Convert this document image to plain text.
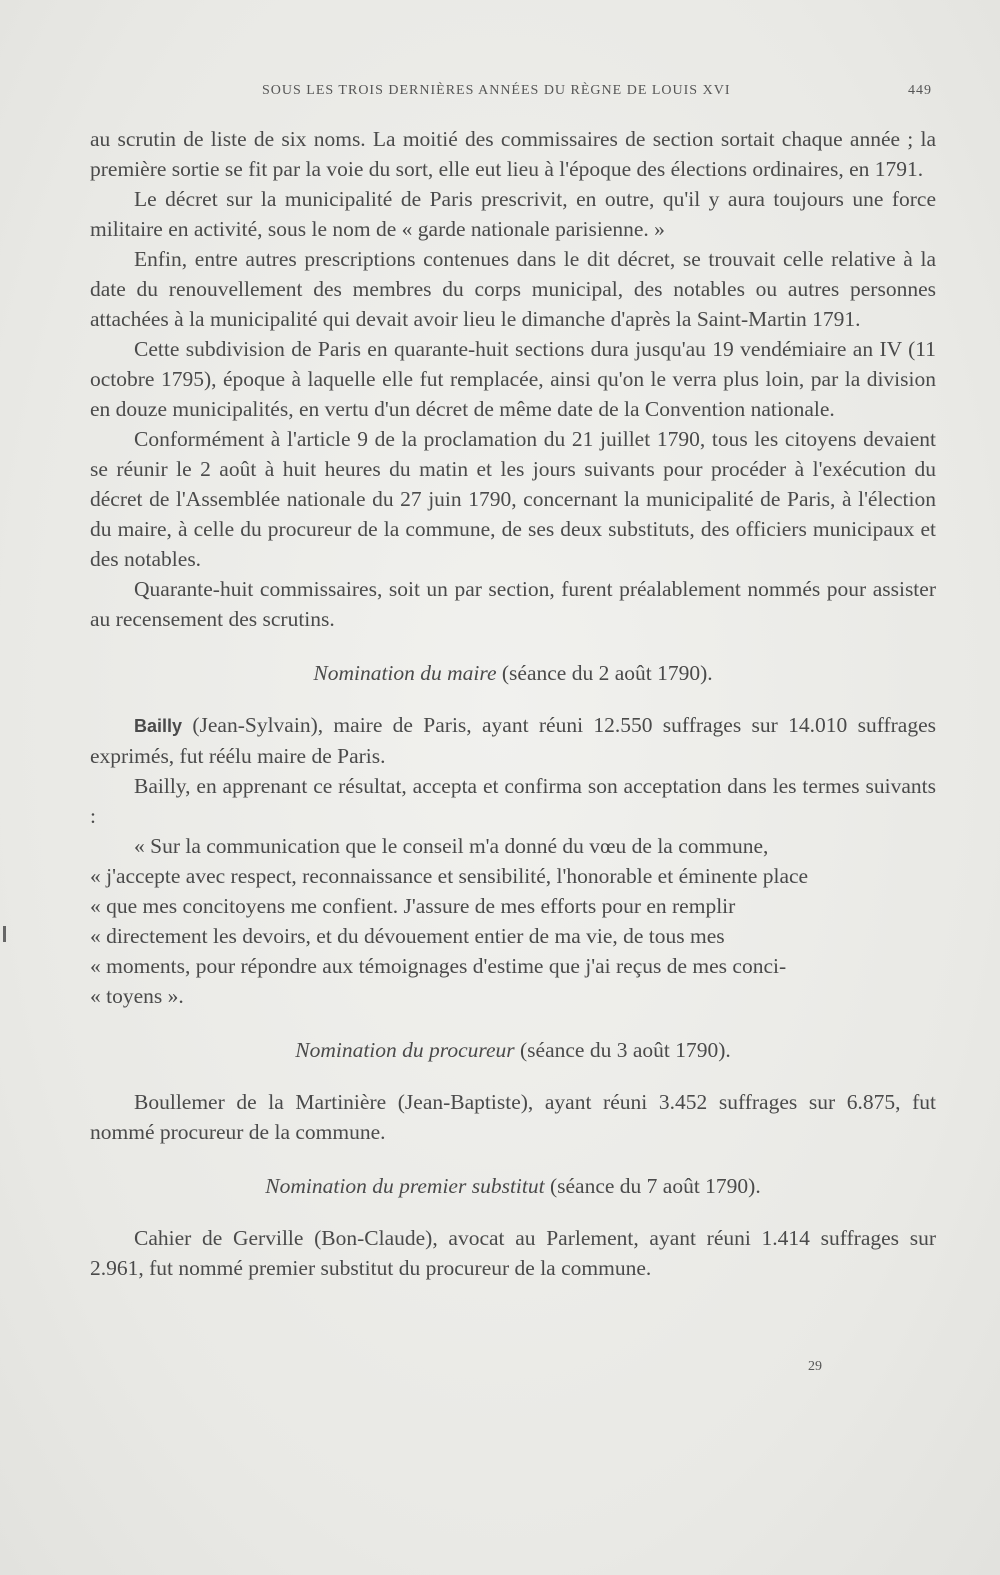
SOUS LES TROIS DERNIÈRES ANNÉES DU RÈGNE DE LOUIS XVI	449

au scrutin de liste de six noms. La moitié des commissaires de section sortait chaque année ; la première sortie se fit par la voie du sort, elle eut lieu à l'époque des élections ordinaires, en 1791.

Le décret sur la municipalité de Paris prescrivit, en outre, qu'il y aura toujours une force militaire en activité, sous le nom de « garde nationale parisienne. »

Enfin, entre autres prescriptions contenues dans le dit décret, se trouvait celle relative à la date du renouvellement des membres du corps municipal, des notables ou autres personnes attachées à la municipalité qui devait avoir lieu le dimanche d'après la Saint-Martin 1791.

Cette subdivision de Paris en quarante-huit sections dura jusqu'au 19 vendémiaire an IV (11 octobre 1795), époque à laquelle elle fut remplacée, ainsi qu'on le verra plus loin, par la division en douze municipalités, en vertu d'un décret de même date de la Convention nationale.

Conformément à l'article 9 de la proclamation du 21 juillet 1790, tous les citoyens devaient se réunir le 2 août à huit heures du matin et les jours suivants pour procéder à l'exécution du décret de l'Assemblée nationale du 27 juin 1790, concernant la municipalité de Paris, à l'élection du maire, à celle du procureur de la commune, de ses deux substituts, des officiers municipaux et des notables.

Quarante-huit commissaires, soit un par section, furent préalablement nommés pour assister au recensement des scrutins.

Nomination du maire (séance du 2 août 1790).

Bailly (Jean-Sylvain), maire de Paris, ayant réuni 12.550 suffrages sur 14.010 suffrages exprimés, fut réélu maire de Paris.

Bailly, en apprenant ce résultat, accepta et confirma son acceptation dans les termes suivants :

« Sur la communication que le conseil m'a donné du vœu de la commune,

« j'accepte avec respect, reconnaissance et sensibilité, l'honorable et éminente place

« que mes concitoyens me confient. J'assure de mes efforts pour en remplir

« directement les devoirs, et du dévouement entier de ma vie, de tous mes

« moments, pour répondre aux témoignages d'estime que j'ai reçus de mes conci-

« toyens ».

Nomination du procureur (séance du 3 août 1790).

Boullemer de la Martinière (Jean-Baptiste), ayant réuni 3.452 suffrages sur 6.875, fut nommé procureur de la commune.

Nomination du premier substitut (séance du 7 août 1790).

Cahier de Gerville (Bon-Claude), avocat au Parlement, ayant réuni 1.414 suffrages sur 2.961, fut nommé premier substitut du procureur de la commune.

29
